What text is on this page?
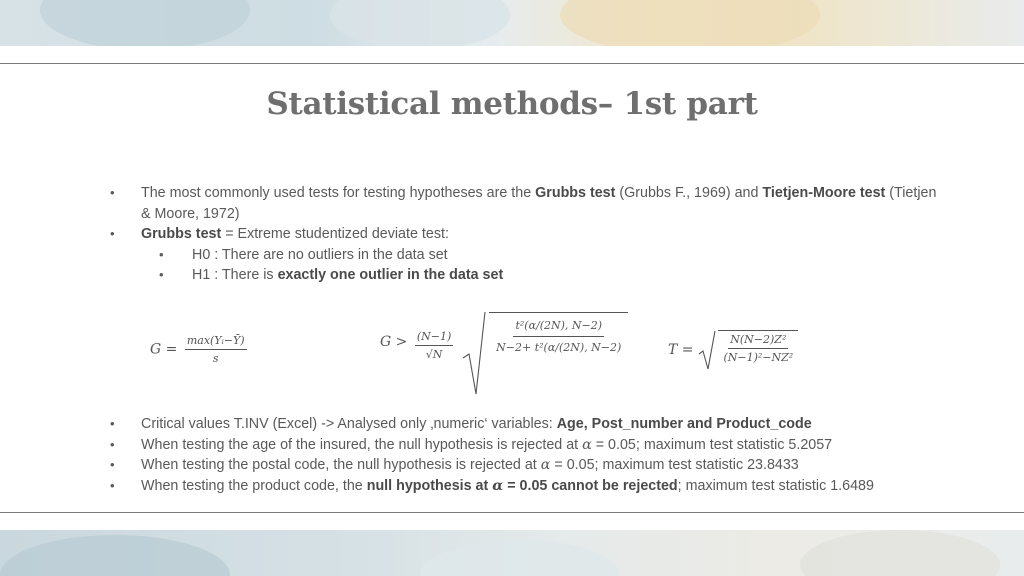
Statistical methods– 1st part
• The most commonly used tests for testing hypotheses are the Grubbs test (Grubbs F., 1969) and Tietjen-Moore test (Tietjen & Moore, 1972)
• Grubbs test = Extreme studentized deviate test:
• H0 : There are no outliers in the data set
• H1 : There is exactly one outlier in the data set
$G = \frac{\text{max(Yᵢ−Ȳ)}}{s}$	$G > \frac{(N-1)}{√N}$
	$\frac{\text{t²(α/(2N), N−2)}}{\text{N−2+ t²(α/(2N), N−2)}}$	T =	$\frac{\text{N(N−2)Z²}}{\text{(N−1)²−NZ²}}$
• Critical values T.INV (Excel) -> Analysed only ‚numeric‘ variables: Age, Post_number and Product_code
• When testing the age of the insured, the null hypothesis is rejected at α = 0.05; maximum test statistic 5.2057
• When testing the postal code, the null hypothesis is rejected at α = 0.05; maximum test statistic 23.8433
• When testing the product code, the null hypothesis at α = 0.05 cannot be rejected; maximum test statistic 1.6489
